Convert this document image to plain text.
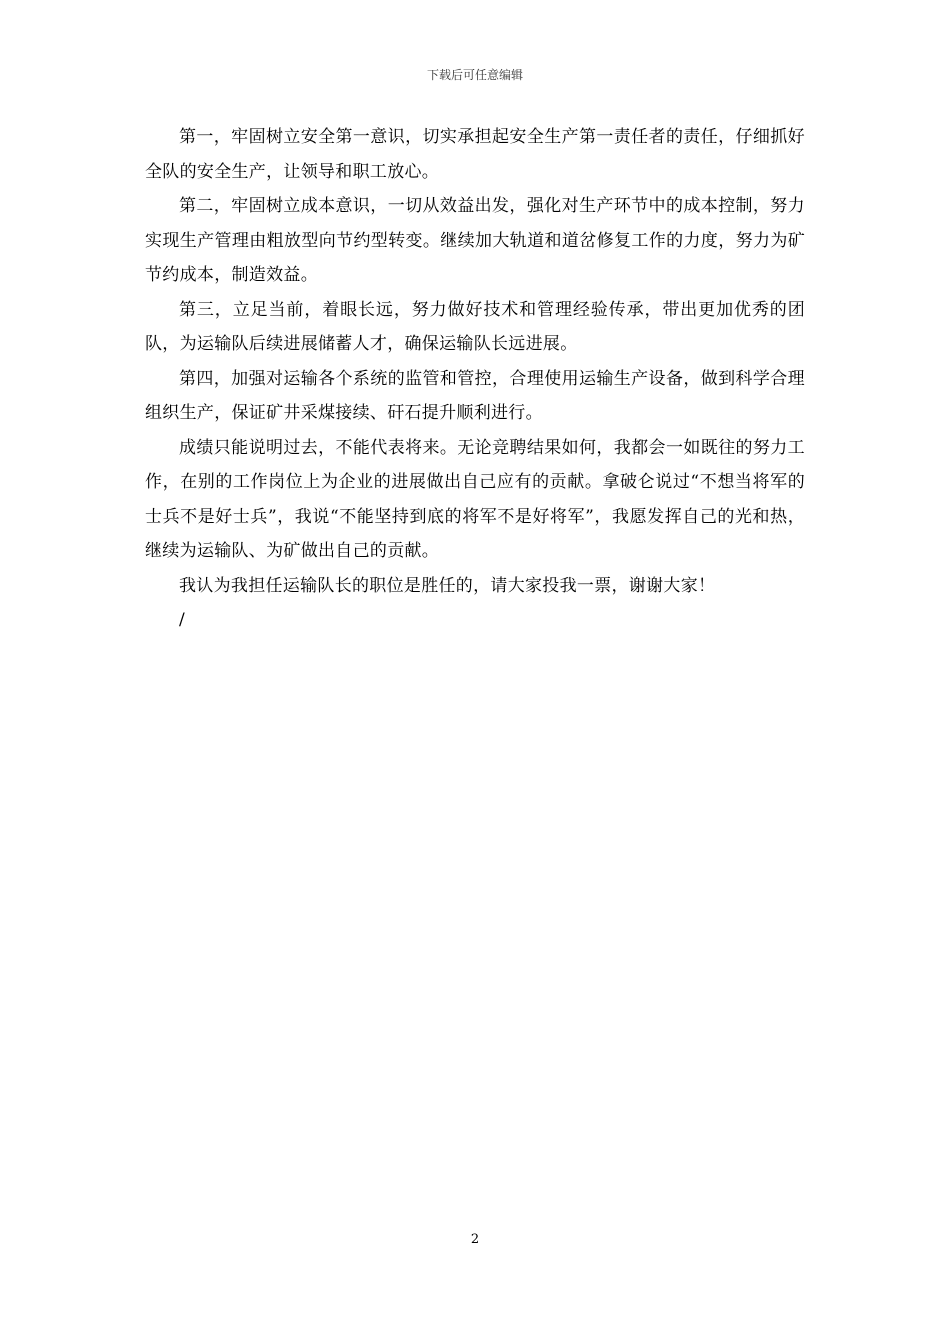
下载后可任意编辑

第一，牢固树立安全第一意识，切实承担起安全生产第一责任者的责任，仔细抓好全队的安全生产，让领导和职工放心。

第二，牢固树立成本意识，一切从效益出发，强化对生产环节中的成本控制，努力实现生产管理由粗放型向节约型转变。继续加大轨道和道岔修复工作的力度，努力为矿节约成本，制造效益。

第三，立足当前，着眼长远，努力做好技术和管理经验传承，带出更加优秀的团队，为运输队后续进展储蓄人才，确保运输队长远进展。

第四，加强对运输各个系统的监管和管控，合理使用运输生产设备，做到科学合理组织生产，保证矿井采煤接续、矸石提升顺利进行。

成绩只能说明过去，不能代表将来。无论竞聘结果如何，我都会一如既往的努力工作，在别的工作岗位上为企业的进展做出自己应有的贡献。拿破仑说过“不想当将军的士兵不是好士兵”，我说“不能坚持到底的将军不是好将军”，我愿发挥自己的光和热，继续为运输队、为矿做出自己的贡献。

我认为我担任运输队长的职位是胜任的，请大家投我一票，谢谢大家！

/

2
